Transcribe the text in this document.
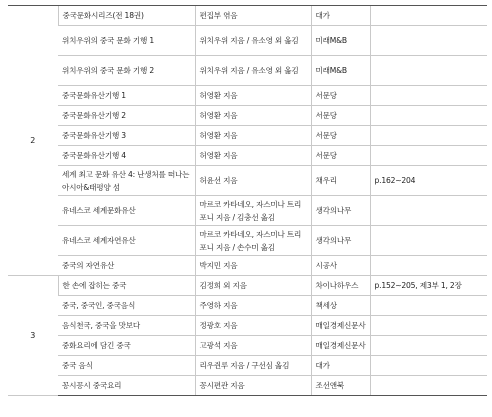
2	중국문화시리즈(전 18권)	편집부 엮음	대가	
	위치우위의 중국 문화 기행 1	위치우위 지음 / 유소영 외 옮김	미래M&B	
	위치우위의 중국 문화 기행 2	위치우위 지음 / 유소영 외 옮김	미래M&B	
	중국문화유산기행 1	허영환 지음	서문당	
	중국문화유산기행 2	허영환 지음	서문당	
	중국문화유산기행 3	허영환 지음	서문당	
	중국문화유산기행 4	허영환 지음	서문당	
	세계 최고 문화 유산 4: 난생처를 떠나는 아시아&태평양 섬	허윤선 지음	채우리	p.162~204
	유네스코 세계문화유산	마르코 카타네오, 자스미나 트리포니 지음 / 김충선 옮김	생각의나무	
	유네스코 세계자연유산	마르코 카타네오, 자스미나 트리포니 지음 / 손수미 옮김	생각의나무	
	중국의 자연유산	박지민 지음	시공사	
3	한 손에 잡히는 중국	김정희 외 지음	차이나하우스	p.152~205, 제3부 1, 2장
	중국, 중국인, 중국음식	주영하 지음	책세상	
	음식천국, 중국을 맛보다	정광호 지음	매일경제신문사	
	중화요리에 담긴 중국	고광석 지음	매일경제신문사	
	중국 음식	리우쥔루 지음 / 구선심 옮김	대가	
	꽁시꽁시 중국요리	꽁시편관 지음	조선앤북	
